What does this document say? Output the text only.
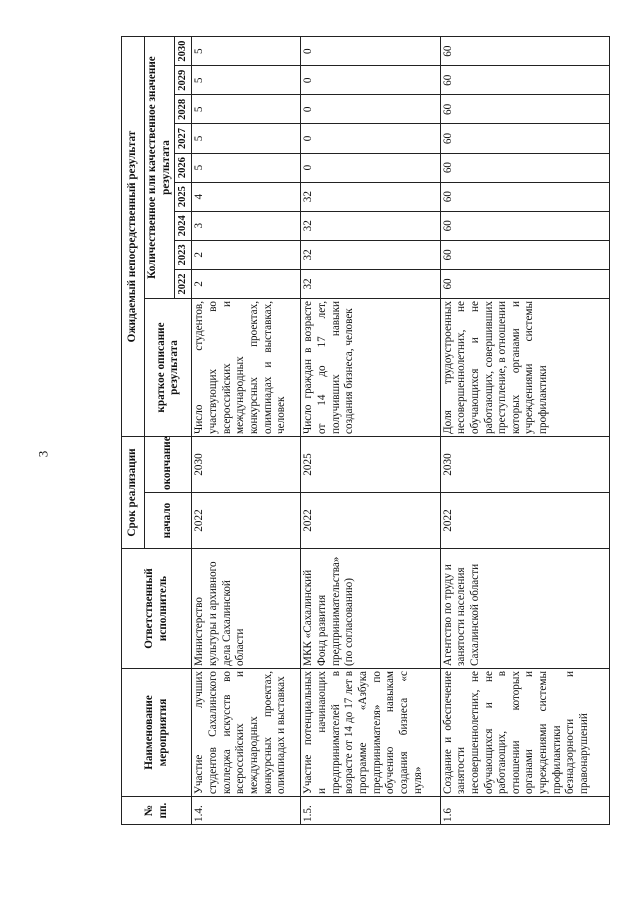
3
№ пп.	Наименование мероприятия	Ответственный исполнитель	Срок реализации		Ожидаемый непосредственный результат									
			начало	окончание	краткое описание результата	Количественное или качественное значение результата								
						2022	2023	2024	2025	2026	2027	2028	2029	2030
1.4.	Участие лучших студентов Сахалинского колледжа искусств во всероссийских и международных конкурсных проектах, олимпиадах и выставках	Министерство культуры и архивного дела Сахалинской области	2022	2030	Число студентов, участвующих во всероссийских и международных конкурсных проектах, олимпиадах и выставках, человек	2	2	3	4	5	5	5	5	5
1.5.	Участие потенциальных и начинающих предпринимателей в возрасте от 14 до 17 лет в программе «Азбука предпринимателя» по обучению навыкам создания бизнеса «с нуля»	МКК «Сахалинский Фонд развития предпринимательства» (по согласованию)	2022	2025	Число граждан в возрасте от 14 до 17 лет, получивших навыки создания бизнеса, человек	32	32	32	32	0	0	0	0	0
1.6	Создание и обеспечение занятости несовершеннолетних, не обучающихся и не работающих, в отношении которых органами и учреждениями системы профилактики безнадзорности и правонарушений	Агентство по труду и занятости населения Сахалинской области	2022	2030	Доля трудоустроенных несовершеннолетних, не обучающихся и не работающих, совершивших преступление, в отношении которых органами и учреждениями системы профилактики	60	60	60	60	60	60	60	60	60
